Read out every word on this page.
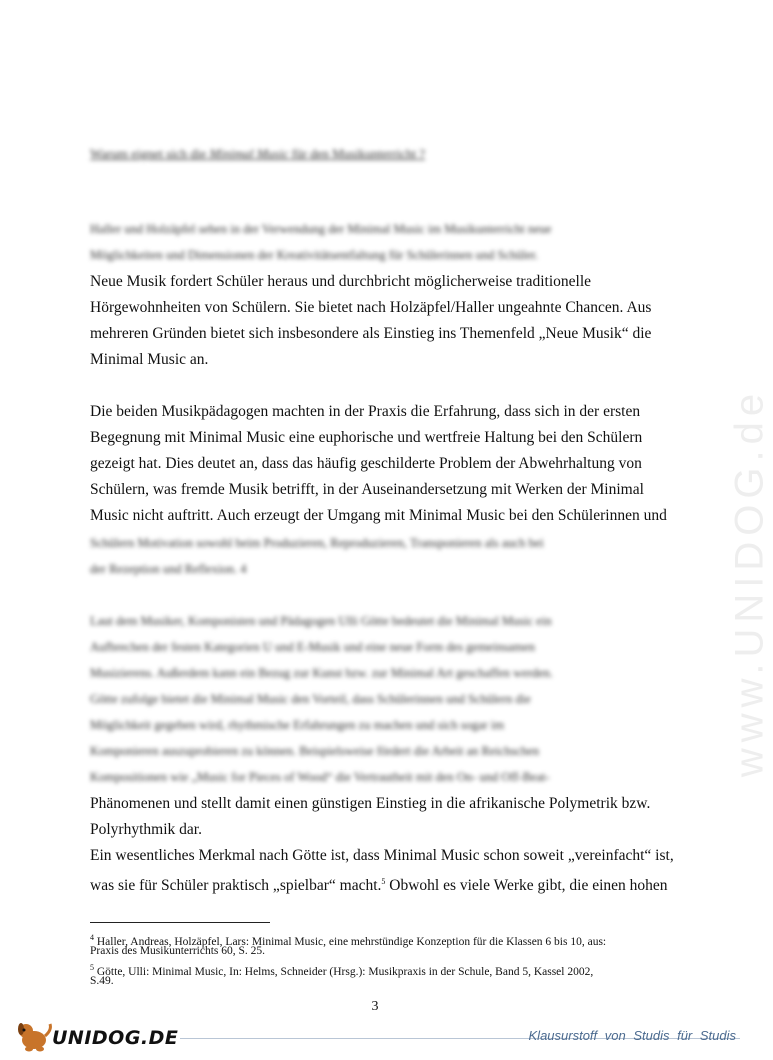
Warum eignet sich die Minimal Music für den Musikunterricht ?
Haller und Holzäpfel sehen in der Verwendung der Minimal Music im Musikunterricht neue
Möglichkeiten und Dimensionen der Kreativitätsentfaltung für Schülerinnen und Schüler.
Neue Musik fordert Schüler heraus und durchbricht möglicherweise traditionelle
Hörgewohnheiten von Schülern. Sie bietet nach Holzäpfel/Haller ungeahnte Chancen. Aus
mehreren Gründen bietet sich insbesondere als Einstieg ins Themenfeld „Neue Musik“ die
Minimal Music an.
Die beiden Musikpädagogen machten in der Praxis die Erfahrung, dass sich in der ersten
Begegnung mit Minimal Music eine euphorische und wertfreie Haltung bei den Schülern
gezeigt hat. Dies deutet an, dass das häufig geschilderte Problem der Abwehrhaltung von
Schülern, was fremde Musik betrifft, in der Auseinandersetzung mit Werken der Minimal
Music nicht auftritt. Auch erzeugt der Umgang mit Minimal Music bei den Schülerinnen und
Schülern Motivation sowohl beim Produzieren, Reproduzieren, Transponieren als auch bei
der Rezeption und Reflexion. 4
Laut dem Musiker, Komponisten und Pädagogen Ulli Götte bedeutet die Minimal Music ein
Aufbrechen der festen Kategorien U und E-Musik und eine neue Form des gemeinsamen
Musizierens. Außerdem kann ein Bezug zur Kunst bzw. zur Minimal Art geschaffen werden.
Götte zufolge bietet die Minimal Music den Vorteil, dass Schülerinnen und Schülern die
Möglichkeit gegeben wird, rhythmische Erfahrungen zu machen und sich sogar im
Komponieren auszuprobieren zu können. Beispielsweise fördert die Arbeit an Reichschen
Kompositionen wie „Music for Pieces of Wood“ die Vertrautheit mit den On- und Off-Beat-
Phänomenen und stellt damit einen günstigen Einstieg in die afrikanische Polymetrik bzw.
Polyrhythmik dar.
Ein wesentliches Merkmal nach Götte ist, dass Minimal Music schon soweit „vereinfacht“ ist,
was sie für Schüler praktisch „spielbar“ macht.$^5$ Obwohl es viele Werke gibt, die einen hohen
$^4$ Haller, Andreas, Holzäpfel, Lars: Minimal Music, eine mehrstündige Konzeption für die Klassen 6 bis 10, aus:
Praxis des Musikunterrichts 60, S. 25.
$^5$ Götte, Ulli: Minimal Music, In: Helms, Schneider (Hrsg.): Musikpraxis in der Schule, Band 5, Kassel 2002,
S.49.
3
www.UNIDOG.de
UNIDOG.DE	Klausurstoff von Studis für Studis
